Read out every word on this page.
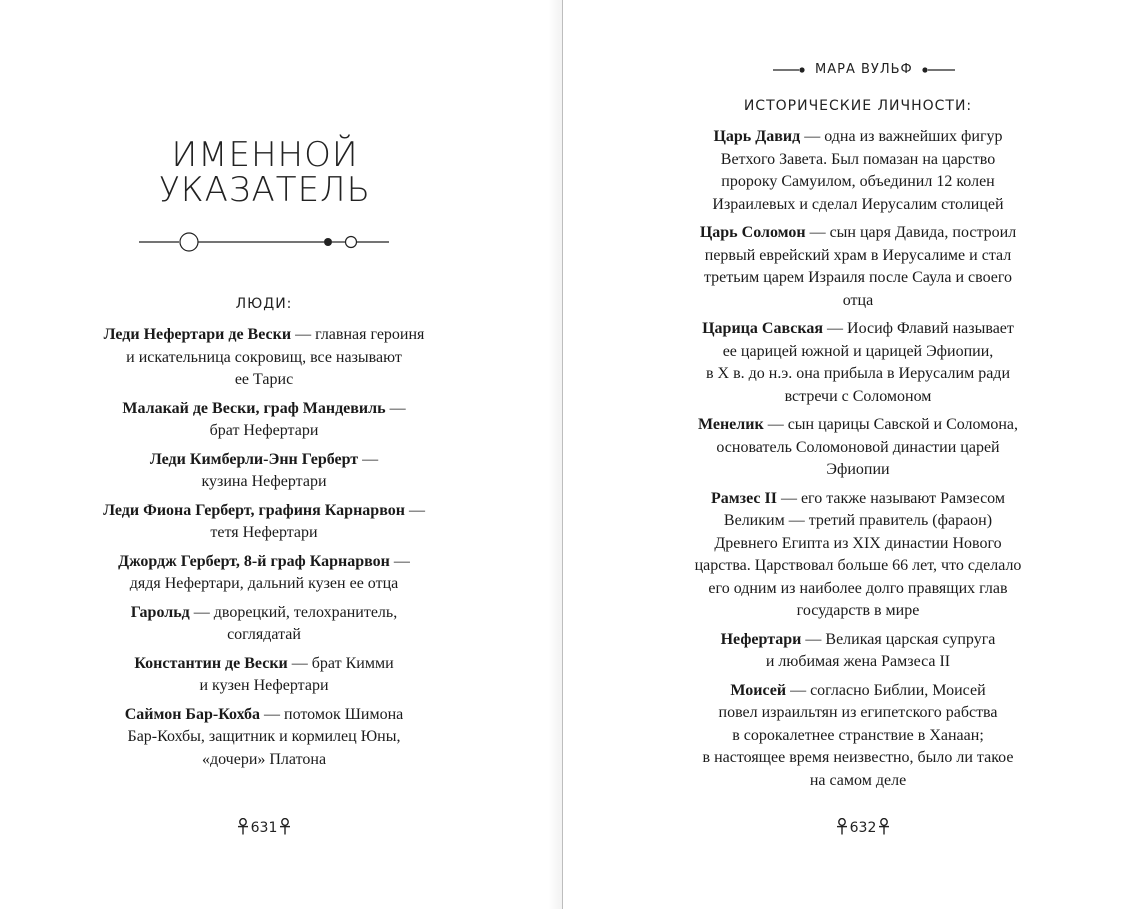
ИМЕННОЙ
УКАЗАТЕЛЬ
ЛЮДИ:
Леди Нефертари де Вески — главная героиня
и искательница сокровищ, все называют
ее Тарис
Малакай де Вески, граф Мандевиль —
брат Нефертари
Леди Кимберли-Энн Герберт —
кузина Нефертари
Леди Фиона Герберт, графиня Карнарвон —
тетя Нефертари
Джордж Герберт, 8-й граф Карнарвон —
дядя Нефертари, дальний кузен ее отца
Гарольд — дворецкий, телохранитель,
соглядатай
Константин де Вески — брат Кимми
и кузен Нефертари
Саймон Бар-Кохба — потомок Шимона
Бар-Кохбы, защитник и кормилец Юны,
«дочери» Платона
631
МАРА ВУЛЬФ
ИСТОРИЧЕСКИЕ ЛИЧНОСТИ:
Царь Давид — одна из важнейших фигур
Ветхого Завета. Был помазан на царство
пророку Самуилом, объединил 12 колен
Израилевых и сделал Иерусалим столицей
Царь Соломон — сын царя Давида, построил
первый еврейский храм в Иерусалиме и стал
третьим царем Израиля после Саула и своего
отца
Царица Савская — Иосиф Флавий называет
ее царицей южной и царицей Эфиопии,
в X в. до н.э. она прибыла в Иерусалим ради
встречи с Соломоном
Менелик — сын царицы Савской и Соломона,
основатель Соломоновой династии царей
Эфиопии
Рамзес II — его также называют Рамзесом
Великим — третий правитель (фараон)
Древнего Египта из XIX династии Нового
царства. Царствовал больше 66 лет, что сделало
его одним из наиболее долго правящих глав
государств в мире
Нефертари — Великая царская супруга
и любимая жена Рамзеса II
Моисей — согласно Библии, Моисей
повел израильтян из египетского рабства
в сорокалетнее странствие в Ханаан;
в настоящее время неизвестно, было ли такое
на самом деле
632
